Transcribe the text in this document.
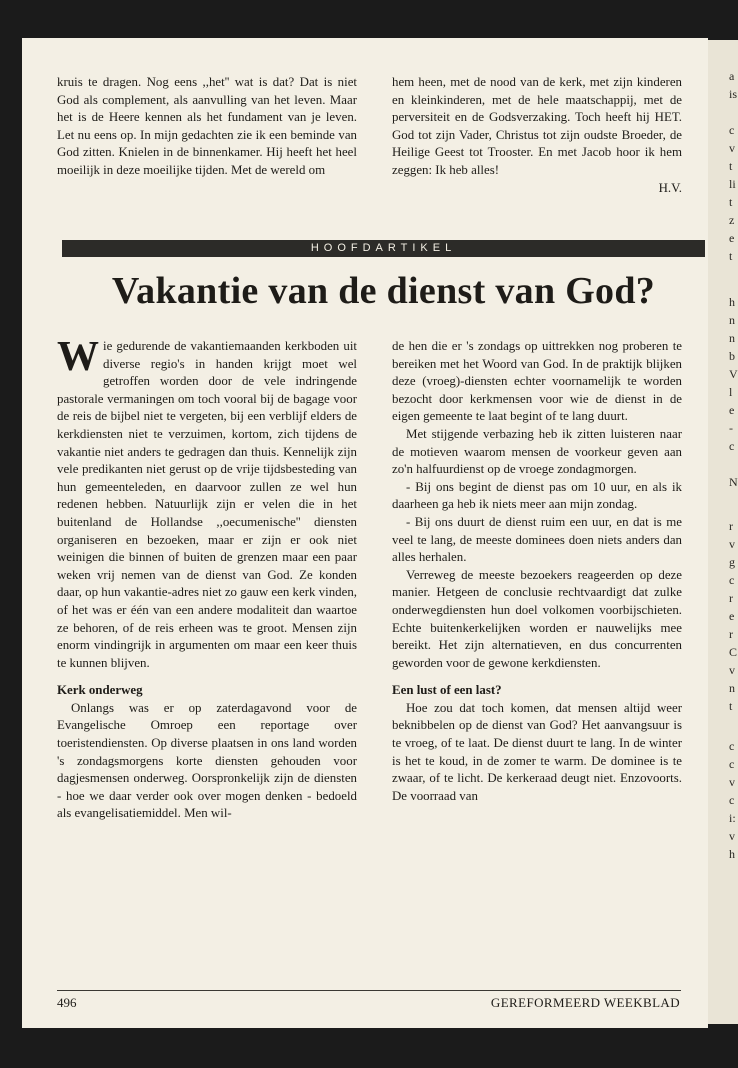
kruis te dragen. Nog eens ,,het'' wat is dat? Dat is niet God als complement, als aanvulling van het leven. Maar het is de Heere kennen als het fundament van je leven. Let nu eens op. In mijn gedachten zie ik een beminde van God zitten. Knielen in de binnenkamer. Hij heeft het heel moeilijk in deze moeilijke tijden. Met de wereld om

hem heen, met de nood van de kerk, met zijn kinderen en kleinkinderen, met de hele maatschappij, met de perversiteit en de Godsverzaking. Toch heeft hij HET. God tot zijn Vader, Christus tot zijn oudste Broeder, de Heilige Geest tot Trooster. En met Jacob hoor ik hem zeggen: Ik heb alles!

H.V.

HOOFDARTIKEL
Vakantie van de dienst van God?

Wie gedurende de vakantiemaanden kerkboden uit diverse regio's in handen krijgt moet wel getroffen worden door de vele indringende pastorale vermaningen om toch vooral bij de bagage voor de reis de bijbel niet te vergeten, bij een verblijf elders de kerkdiensten niet te verzuimen, kortom, zich tijdens de vakantie niet anders te gedragen dan thuis. Kennelijk zijn vele predikanten niet gerust op de vrije tijdsbesteding van hun gemeenteleden, en daarvoor zullen ze wel hun redenen hebben. Natuurlijk zijn er velen die in het buitenland de Hollandse ,,oecumenische'' diensten organiseren en bezoeken, maar er zijn er ook niet weinigen die binnen of buiten de grenzen maar een paar weken vrij nemen van de dienst van God. Ze konden daar, op hun vakantie-adres niet zo gauw een kerk vinden, of het was er één van een andere modaliteit dan waartoe ze behoren, of de reis erheen was te groot. Mensen zijn enorm vindingrijk in argumenten om maar een keer thuis te kunnen blijven.

Kerk onderweg

Onlangs was er op zaterdagavond voor de Evangelische Omroep een reportage over toeristendiensten. Op diverse plaatsen in ons land worden 's zondagsmorgens korte diensten gehouden voor dagjesmensen onderweg. Oorspronkelijk zijn de diensten - hoe we daar verder ook over mogen denken - bedoeld als evangelisatiemiddel. Men wil-

de hen die er 's zondags op uittrekken nog proberen te bereiken met het Woord van God. In de praktijk blijken deze (vroeg)-diensten echter voornamelijk te worden bezocht door kerkmensen voor wie de dienst in de eigen gemeente te laat begint of te lang duurt.

Met stijgende verbazing heb ik zitten luisteren naar de motieven waarom mensen de voorkeur geven aan zo'n halfuurdienst op de vroege zondagmorgen.

- Bij ons begint de dienst pas om 10 uur, en als ik daarheen ga heb ik niets meer aan mijn zondag.

- Bij ons duurt de dienst ruim een uur, en dat is me veel te lang, de meeste dominees doen niets anders dan alles herhalen.

Verreweg de meeste bezoekers reageerden op deze manier. Hetgeen de conclusie rechtvaardigt dat zulke onderwegdiensten hun doel volkomen voorbijschieten. Echte buitenkerkelijken worden er nauwelijks mee bereikt. Het zijn alternatieven, en dus concurrenten geworden voor de gewone kerkdiensten.

Een lust of een last?

Hoe zou dat toch komen, dat mensen altijd weer beknibbelen op de dienst van God? Het aanvangsuur is te vroeg, of te laat. De dienst duurt te lang. In de winter is het te koud, in de zomer te warm. De dominee is te zwaar, of te licht. De kerkeraad deugt niet. Enzovoorts. De voorraad van

496	GEREFORMEERD WEEKBLAD
a
is
c
v
t
li
t
z
e
t
h
n
n
b
V
l
e
-
c
N
r
v
g
c
r
e
r
C
v
n
t
c
c
v
c
i:
v
h
